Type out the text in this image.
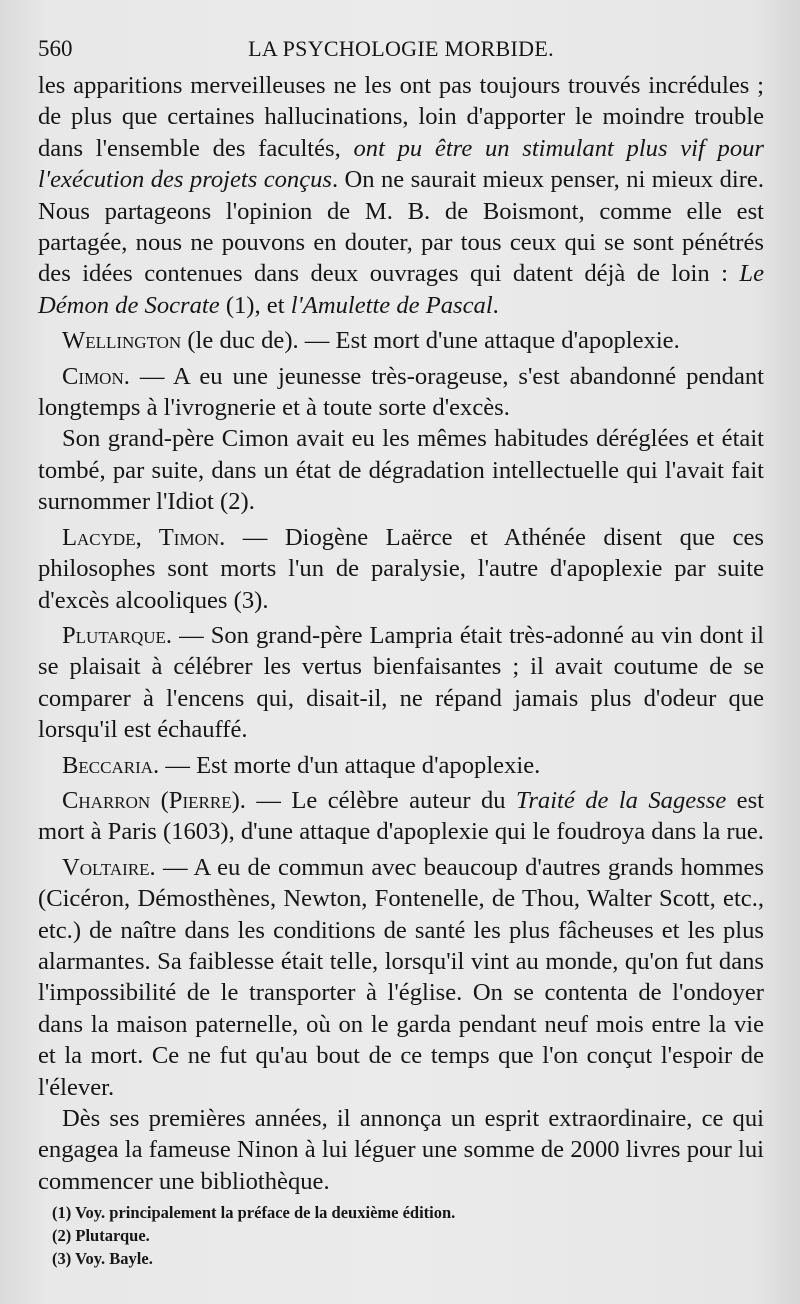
560	LA PSYCHOLOGIE MORBIDE.

les apparitions merveilleuses ne les ont pas toujours trouvés incrédules ; de plus que certaines hallucinations, loin d'apporter le moindre trouble dans l'ensemble des facultés, ont pu être un stimulant plus vif pour l'exécution des projets conçus. On ne saurait mieux penser, ni mieux dire. Nous partageons l'opinion de M. B. de Boismont, comme elle est partagée, nous ne pouvons en douter, par tous ceux qui se sont pénétrés des idées contenues dans deux ouvrages qui datent déjà de loin : Le Démon de Socrate (1), et l'Amulette de Pascal.

Wellington (le duc de). — Est mort d'une attaque d'apoplexie.

Cimon. — A eu une jeunesse très-orageuse, s'est abandonné pendant longtemps à l'ivrognerie et à toute sorte d'excès.

Son grand-père Cimon avait eu les mêmes habitudes déréglées et était tombé, par suite, dans un état de dégradation intellectuelle qui l'avait fait surnommer l'Idiot (2).

Lacyde, Timon. — Diogène Laërce et Athénée disent que ces philosophes sont morts l'un de paralysie, l'autre d'apoplexie par suite d'excès alcooliques (3).

Plutarque. — Son grand-père Lampria était très-adonné au vin dont il se plaisait à célébrer les vertus bienfaisantes ; il avait coutume de se comparer à l'encens qui, disait-il, ne répand jamais plus d'odeur que lorsqu'il est échauffé.

Beccaria. — Est morte d'un attaque d'apoplexie.

Charron (Pierre). — Le célèbre auteur du Traité de la Sagesse est mort à Paris (1603), d'une attaque d'apoplexie qui le foudroya dans la rue.

Voltaire. — A eu de commun avec beaucoup d'autres grands hommes (Cicéron, Démosthènes, Newton, Fontenelle, de Thou, Walter Scott, etc., etc.) de naître dans les conditions de santé les plus fâcheuses et les plus alarmantes. Sa faiblesse était telle, lorsqu'il vint au monde, qu'on fut dans l'impossibilité de le transporter à l'église. On se contenta de l'ondoyer dans la maison paternelle, où on le garda pendant neuf mois entre la vie et la mort. Ce ne fut qu'au bout de ce temps que l'on conçut l'espoir de l'élever.

Dès ses premières années, il annonça un esprit extraordinaire, ce qui engagea la fameuse Ninon à lui léguer une somme de 2000 livres pour lui commencer une bibliothèque.

(1) Voy. principalement la préface de la deuxième édition.

(2) Plutarque.

(3) Voy. Bayle.
